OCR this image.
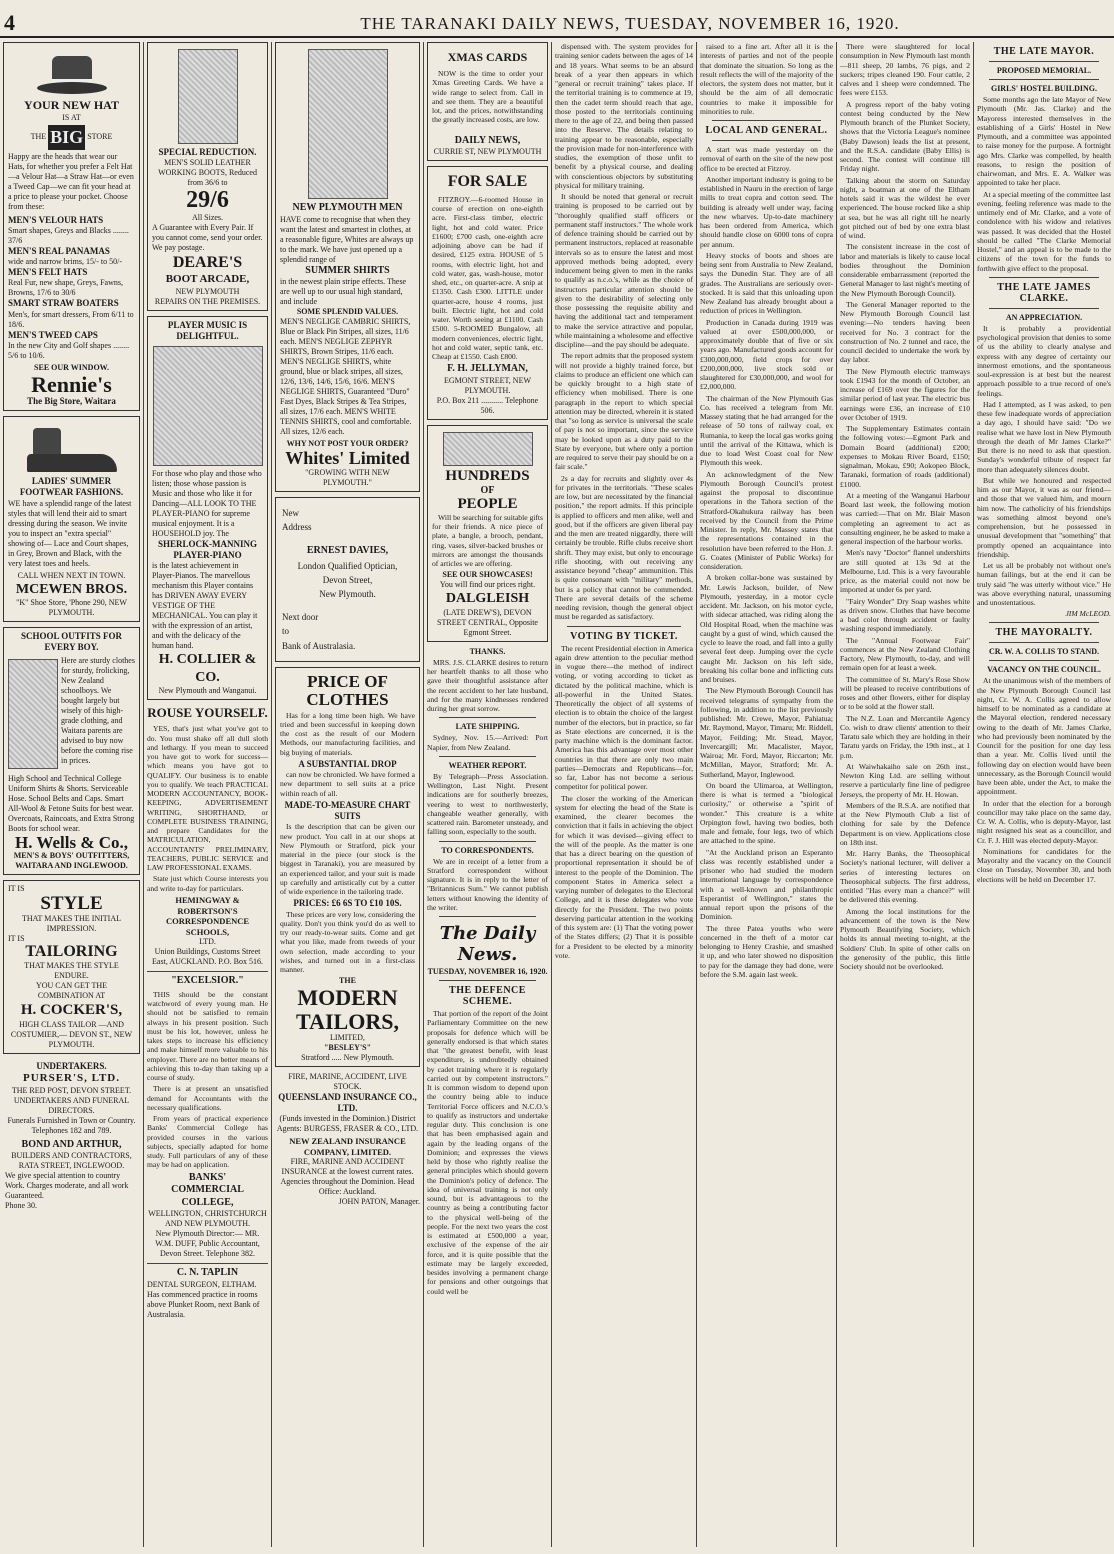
4	THE TARANAKI DAILY NEWS, TUESDAY, NOVEMBER 16, 1920.
YOUR NEW HAT
IS AT
THE BIG STORE
Happy are the heads that wear our Hats, for whether you prefer a Felt Hat—a Velour Hat—a Straw Hat—or even a Tweed Cap—we can fit your head at a price to please your pocket. Choose from these:
MEN'S VELOUR HATS
Smart shapes, Greys and Blacks ........ 37/6
MEN'S REAL PANAMAS
wide and narrow brims, 15/- to 50/-
MEN'S FELT HATS
Real Fur, new shape, Greys, Fawns, Browns, 17/6 to 30/6
SMART STRAW BOATERS
Men's, for smart dressers, From 6/11 to 18/6.
MEN'S TWEED CAPS
In the new City and Golf shapes ........ 5/6 to 10/6.
SEE OUR WINDOW.
Rennie's
The Big Store, Waitara
LADIES' SUMMER FOOTWEAR FASHIONS.
WE have a splendid range of the latest styles that will lend their aid to smart dressing during the season. We invite you to inspect an "extra special" showing of— Lace and Court shapes, in Grey, Brown and Black, with the very latest toes and heels.
CALL WHEN NEXT IN TOWN.
MCEWEN BROS.
"K" Shoe Store, 'Phone 290, NEW PLYMOUTH.
SCHOOL OUTFITS FOR EVERY BOY.
Here are sturdy clothes for sturdy, frolicking, New Zealand schoolboys. We bought largely but wisely of this high-grade clothing, and Waitara parents are advised to buy now before the coming rise in prices.
High School and Technical College Uniform Shirts & Shorts. Serviceable Hose. School Belts and Caps. Smart All-Wool & Fetone Suits for best wear. Overcoats, Raincoats, and Extra Strong Boots for school wear.
H. Wells & Co.,
MEN'S & BOYS' OUTFITTERS, WAITARA AND INGLEWOOD.
IT IS
STYLE
THAT MAKES THE INITIAL IMPRESSION.
IT IS
TAILORING
THAT MAKES THE STYLE ENDURE.
YOU CAN GET THE COMBINATION AT
H. COCKER'S,
HIGH CLASS TAILOR —AND COSTUMIER,— DEVON ST., NEW PLYMOUTH.
UNDERTAKERS.
PURSER'S, LTD.
THE RED POST, DEVON STREET.
UNDERTAKERS AND FUNERAL DIRECTORS.
Funerals Furnished in Town or Country. Telephones 182 and 789.
BOND AND ARTHUR,
BUILDERS AND CONTRACTORS, RATA STREET, INGLEWOOD.
We give special attention to country Work. Charges moderate, and all work Guaranteed.
Phone 30.
SPECIAL REDUCTION.
MEN'S SOLID LEATHER WORKING BOOTS, Reduced from 36/6 to
29/6
All Sizes.
A Guarantee with Every Pair. If you cannot come, send your order. We pay postage.
DEARE'S
BOOT ARCADE,
NEW PLYMOUTH
REPAIRS ON THE PREMISES.
PLAYER MUSIC IS DELIGHTFUL.
For those who play and those who listen; those whose passion is Music and those who like it for Dancing—ALL LOOK TO THE PLAYER-PIANO for supreme musical enjoyment. It is a HOUSEHOLD joy. The
SHERLOCK-MANNING PLAYER-PIANO
is the latest achievement in Player-Pianos. The marvellous mechanism this Player contains has DRIVEN AWAY EVERY VESTIGE OF THE MECHANICAL. You can play it with the expression of an artist, and with the delicacy of the human hand.
H. COLLIER & CO.
New Plymouth and Wanganui.
ROUSE YOURSELF.

YES, that's just what you've got to do. You must shake off all dull sloth and lethargy. If you mean to succeed you have got to work for success—which means you have got to QUALIFY. Our business is to enable you to qualify. We teach PRACTICAL MODERN ACCOUNTANCY, BOOK-KEEPING, ADVERTISEMENT WRITING, SHORTHAND, or COMPLETE BUSINESS TRAINING, and prepare Candidates for the MATRICULATION, ACCOUNTANTS' PRELIMINARY, TEACHERS, PUBLIC SERVICE and LAW PROFESSIONAL EXAMS.

State just which Course interests you and write to-day for particulars.

HEMINGWAY & ROBERTSON'S CORRESPONDENCE SCHOOLS,
LTD.
Union Buildings, Customs Street East, AUCKLAND. P.O. Box 516.
"EXCELSIOR."

THIS should be the constant watchword of every young man. He should not be satisfied to remain always in his present position. Such must be his lot, however, unless he takes steps to increase his efficiency and make himself more valuable to his employer. There are no better means of achieving this to-day than taking up a course of study.

There is at present an unsatisfied demand for Accountants with the necessary qualifications.

From years of practical experience Banks' Commercial College has provided courses in the various subjects, specially adapted for home study. Full particulars of any of these may be had on application.

BANKS'
COMMERCIAL COLLEGE,
WELLINGTON, CHRISTCHURCH AND NEW PLYMOUTH.
New Plymouth Director:— MR. W.M. DUFF, Public Accountant, Devon Street. Telephone 382.
C. N. TAPLIN
DENTAL SURGEON, ELTHAM. Has commenced practice in rooms above Plunket Room, next Bank of Australasia.
NEW PLYMOUTH MEN
HAVE come to recognise that when they want the latest and smartest in clothes, at a reasonable figure, Whites are always up to the mark. We have just opened up a splendid range of
SUMMER SHIRTS
in the newest plain stripe effects. These are well up to our usual high standard, and include
SOME SPLENDID VALUES.
MEN'S NEGLIGE CAMBRIC SHIRTS, Blue or Black Pin Stripes, all sizes, 11/6 each. MEN'S NEGLIGE ZEPHYR SHIRTS, Brown Stripes, 11/6 each. MEN'S NEGLIGE SHIRTS, white ground, blue or black stripes, all sizes, 12/6, 13/6, 14/6, 15/6, 16/6. MEN'S NEGLIGE SHIRTS, Guaranteed "Duro" Fast Dyes, Black Stripes & Tea Stripes, all sizes, 17/6 each. MEN'S WHITE TENNIS SHIRTS, cool and comfortable. All sizes, 12/6 each.
WHY NOT POST YOUR ORDER?
Whites' Limited
"GROWING WITH NEW PLYMOUTH."
New
Address
ERNEST DAVIES,
London Qualified Optician,
Devon Street,
New Plymouth.
Next door
to
Bank of Australasia.
PRICE OF CLOTHES

Has for a long time been high. We have tried and been successful in keeping down the cost as the result of our Modern Methods, our manufacturing facilities, and big buying of materials.

A SUBSTANTIAL DROP

can now be chronicled. We have formed a new department to sell suits at a price within reach of all.

MADE-TO-MEASURE CHART SUITS

Is the description that can be given our new product. You call in at our shops at New Plymouth or Stratford, pick your material in the piece (our stock is the biggest in Taranaki), you are measured by an experienced tailor, and your suit is made up carefully and artistically cut by a cutter of wide experience in the tailoring trade.

PRICES: £6 6S TO £10 10S.

These prices are very low, considering the quality. Don't you think you'd do as well to try our ready-to-wear suits. Come and get what you like, made from tweeds of your own selection, made according to your wishes, and turned out in a first-class manner.

THE
MODERN TAILORS,
LIMITED,
"BESLEY'S"
Stratford ..... New Plymouth.
FIRE, MARINE, ACCIDENT, LIVE STOCK.
QUEENSLAND INSURANCE CO., LTD.
(Funds invested in the Dominion.) District Agents: BURGESS, FRASER & CO., LTD.
NEW ZEALAND INSURANCE COMPANY, LIMITED.
FIRE, MARINE AND ACCIDENT INSURANCE at the lowest current rates. Agencies throughout the Dominion. Head Office: Auckland.
JOHN PATON, Manager.
XMAS CARDS

NOW is the time to order your Xmas Greeting Cards. We have a wide range to select from. Call in and see them. They are a beautiful lot, and the prices, notwithstanding the greatly increased costs, are low.

DAILY NEWS,
CURRIE ST, NEW PLYMOUTH
FOR SALE

FITZROY.—6-roomed House in course of erection on one-eighth acre. First-class timber, electric light, hot and cold water. Price £1600; £700 cash, one-eighth acre adjoining above can be had if desired, £125 extra. HOUSE of 5 rooms, with electric light, hot and cold water, gas, wash-house, motor shed, etc., on quarter-acre. A snip at £1350. Cash £300. LITTLE under quarter-acre, house 4 rooms, just built. Electric light, hot and cold water. Worth seeing at £1100. Cash £500. 5-ROOMED Bungalow, all modern conveniences, electric light, hot and cold water, septic tank, etc. Cheap at £1550. Cash £800.

F. H. JELLYMAN,
EGMONT STREET, NEW PLYMOUTH.
P.O. Box 211 ........... Telephone 506.
HUNDREDS
OF
PEOPLE

Will be searching for suitable gifts for their friends. A nice piece of plate, a bangle, a brooch, pendant, ring, vases, silver-backed brushes or mirrors are amongst the thousands of articles we are offering.

SEE OUR SHOWCASES!
You will find our prices right.
DALGLEISH
(LATE DREW'S), DEVON STREET CENTRAL, Opposite Egmont Street.
THANKS.

MRS. J.S. CLARKE desires to return her heartfelt thanks to all those who gave their thoughtful assistance after the recent accident to her late husband, and for the many kindnesses rendered during her great sorrow.

LATE SHIPPING.

Sydney, Nov. 15.—Arrived: Port Napier, from New Zealand.

WEATHER REPORT.

By Telegraph—Press Association. Wellington, Last Night. Present indications are for southerly breezes, veering to west to northwesterly, changeable weather generally, with scattered rain. Barometer unsteady, and falling soon, especially to the south.

TO CORRESPONDENTS.

We are in receipt of a letter from a Stratford correspondent without signature. It is in reply to the letter of "Britannicus Sum." We cannot publish letters without knowing the identity of the writer.

The Daily News.
TUESDAY, NOVEMBER 16, 1920.
THE DEFENCE SCHEME.

That portion of the report of the Joint Parliamentary Committee on the new proposals for defence which will be generally endorsed is that which states that "the greatest benefit, with least expenditure, is undoubtedly obtained by cadet training where it is regularly carried out by competent instructors." It is common wisdom to depend upon the country being able to induce Territorial Force officers and N.C.O.'s to qualify as instructors and undertake regular duty. This conclusion is one that has been emphasised again and again by the leading organs of the Dominion; and expresses the views held by those who rightly realise the general principles which should govern the Dominion's policy of defence. The idea of universal training is not only sound, but is advantageous to the country as being a contributing factor to the physical well-being of the people. For the next two years the cost is estimated at £500,000 a year, exclusive of the expense of the air force, and it is quite possible that the estimate may be largely exceeded, besides involving a permanent charge for pensions and other outgoings that could well be

dispensed with. The system provides for training senior cadets between the ages of 14 and 18 years. What seems to be an absurd break of a year then appears in which "general or recruit training" takes place. If the territorial training is to commence at 19, then the cadet term should reach that age, those posted to the territorials continuing there to the age of 22, and being then passed into the Reserve. The details relating to training appear to be reasonable, especially the provision made for non-interference with studies, the exemption of those unfit to benefit by a physical course, and dealing with conscientious objectors by substituting physical for military training.

It should be noted that general or recruit training is proposed to be carried out by "thoroughly qualified staff officers or permanent staff instructors." The whole work of defence training should be carried out by permanent instructors, replaced at reasonable intervals so as to ensure the latest and most approved methods being adopted, every inducement being given to men in the ranks to qualify as n.c.o.'s, while as the choice of instructors particular attention should be given to the desirability of selecting only those possessing the requisite ability and having the additional tact and temperament to make the service attractive and popular, while maintaining a wholesome and effective discipline—and the pay should be adequate.

The report admits that the proposed system will not provide a highly trained force, but claims to produce an efficient one which can be quickly brought to a high state of efficiency when mobilised. There is one paragraph in the report to which special attention may be directed, wherein it is stated that "so long as service is universal the scale of pay is not so important, since the service may be looked upon as a duty paid to the State by everyone, but where only a portion are required to serve their pay should be on a fair scale."

2s a day for recruits and slightly over 4s for privates in the territorials. "These scales are low, but are necessitated by the financial position," the report admits. If this principle is applied to officers and men alike, well and good, but if the officers are given liberal pay and the men are treated niggardly, there will certainly be trouble. Rifle clubs receive short shrift. They may exist, but only to encourage rifle shooting, with out receiving any assistance beyond "cheap" ammunition. This is quite consonant with "military" methods, but is a policy that cannot be commended. There are several details of the scheme needing revision, though the general object must be regarded as satisfactory.

VOTING BY TICKET.

The recent Presidential election in America again drew attention to the peculiar method in vogue there—the method of indirect voting, or voting according to ticket as dictated by the political machine, which is all-powerful in the United States. Theoretically the object of all systems of election is to obtain the choice of the largest number of the electors, but in practice, so far as State elections are concerned, it is the party machine which is the dominant factor. America has this advantage over most other countries in that there are only two main parties—Democrats and Republicans—for, so far, Labor has not become a serious competitor for political power.

The closer the working of the American system for electing the head of the State is examined, the clearer becomes the conviction that it fails in achieving the object for which it was devised—giving effect to the will of the people. As the matter is one that has a direct bearing on the question of proportional representation it should be of interest to the people of the Dominion. The component States in America select a varying number of delegates to the Electoral College, and it is these delegates who vote directly for the President. The two points deserving particular attention in the working of this system are: (1) That the voting power of the States differs; (2) That it is possible for a President to be elected by a minority vote.

raised to a fine art. After all it is the interests of parties and not of the people that dominate the situation. So long as the result reflects the will of the majority of the electors, the system does not matter, but it should be the aim of all democratic countries to make it impossible for minorities to rule.

LOCAL AND GENERAL.

A start was made yesterday on the removal of earth on the site of the new post office to be erected at Fitzroy.

Another important industry is going to be established in Nauru in the erection of large mills to treat copra and cotton seed. The building is already well under way, facing the new wharves. Up-to-date machinery has been ordered from America, which should handle close on 6000 tons of copra per annum.

Heavy stocks of boots and shoes are being sent from Australia to New Zealand, says the Dunedin Star. They are of all grades. The Australians are seriously over-stocked. It is said that this unloading upon New Zealand has already brought about a reduction of prices in Wellington.

Production in Canada during 1919 was valued at over £500,000,000, or approximately double that of five or six years ago. Manufactured goods account for £300,000,000, field crops for over £200,000,000, live stock sold or slaughtered for £30,000,000, and wool for £2,000,000.

The chairman of the New Plymouth Gas Co. has received a telegram from Mr. Massey stating that he had arranged for the release of 50 tons of railway coal, ex Rumania, to keep the local gas works going until the arrival of the Kittawa, which is due to load West Coast coal for New Plymouth this week.

An acknowledgment of the New Plymouth Borough Council's protest against the proposal to discontinue operations in the Tahora section of the Stratford-Okahukura railway has been received by the Council from the Prime Minister. In reply, Mr. Massey states that the representations contained in the resolution have been referred to the Hon. J. G. Coates (Minister of Public Works) for consideration.

A broken collar-bone was sustained by Mr. Lewis Jackson, builder, of New Plymouth, yesterday, in a motor cycle accident. Mr. Jackson, on his motor cycle, with sidecar attached, was riding along the Old Hospital Road, when the machine was caught by a gust of wind, which caused the cycle to leave the road, and fall into a gully several feet deep. Jumping over the cycle caught Mr. Jackson on his left side, breaking his collar bone and inflicting cuts and bruises.

The New Plymouth Borough Council has received telegrams of sympathy from the following, in addition to the list previously published: Mr. Crewe, Mayor, Pahiatua; Mr. Raymond, Mayor, Timaru; Mr. Riddell, Mayor, Feilding; Mr. Stead, Mayor, Invercargill; Mr. Macalister, Mayor, Wairoa; Mr. Ford, Mayor, Riccarton; Mr. McMillan, Mayor, Stratford; Mr. A. Sutherland, Mayor, Inglewood.

On board the Ulimaroa, at Wellington, there is what is termed a "biological curiosity," or otherwise a "spirit of wonder." This creature is a white Orpington fowl, having two bodies, both male and female, four legs, two of which are attached to the spine.

"At the Auckland prison an Esperanto class was recently established under a prisoner who had studied the modern international language by correspondence with a well-known and philanthropic Esperantist of Wellington," states the annual report upon the prisons of the Dominion.

The three Patea youths who were concerned in the theft of a motor car belonging to Henry Crashie, and smashed it up, and who later showed no disposition to pay for the damage they had done, were before the S.M. again last week.

There were slaughtered for local consumption in New Plymouth last month—811 sheep, 20 lambs, 76 pigs, and 2 suckers; tripes cleaned 190. Four cattle, 2 calves and 1 sheep were condemned. The fees were £153.

A progress report of the baby voting contest being conducted by the New Plymouth branch of the Plunket Society, shows that the Victoria League's nominee (Baby Dawson) leads the list at present, and the R.S.A. candidate (Baby Ellis) is second. The contest will continue till Friday night.

Talking about the storm on Saturday night, a boatman at one of the Eltham hotels said it was the wildest he ever experienced. The house rocked like a ship at sea, but he was all right till he nearly got pitched out of bed by one extra blast of wind.

The consistent increase in the cost of labor and materials is likely to cause local bodies throughout the Dominion considerable embarrassment (reported the General Manager to last night's meeting of the New Plymouth Borough Council).

The General Manager reported to the New Plymouth Borough Council last evening:—No tenders having been received for No. 3 contract for the construction of No. 2 tunnel and race, the council decided to undertake the work by day labor.

The New Plymouth electric tramways took £1943 for the month of October, an increase of £169 over the figures for the similar period of last year. The electric bus earnings were £36, an increase of £10 over October of 1919.

The Supplementary Estimates contain the following votes:—Egmont Park and Domain Board (additional) £200; expenses to Mokau River Board, £150; signalman, Mokau, £90; Aokopeo Block, Taranaki, formation of roads (additional) £1000.

At a meeting of the Wanganui Harbour Board last week, the following motion was carried:—That on Mr. Blair Mason completing an agreement to act as consulting engineer, he be asked to make a general inspection of the harbour works.

Men's navy "Doctor" flannel undershirts are still quoted at 13s 9d at the Melbourne, Ltd. This is a very favourable price, as the material could not now be imported at under 6s per yard.

"Fairy Wonder" Dry Soap washes white as driven snow. Clothes that have become a bad color through accident or faulty washing respond immediately.

The "Annual Footwear Fair" commences at the New Zealand Clothing Factory, New Plymouth, to-day, and will remain open for at least a week.

The committee of St. Mary's Rose Show will be pleased to receive contributions of roses and other flowers, either for display or to be sold at the flower stall.

The N.Z. Loan and Mercantile Agency Co. wish to draw clients' attention to their Taratu sale which they are holding in their Taratu yards on Friday, the 19th inst., at 1 p.m.

At Waiwhakaiho sale on 26th inst., Newton King Ltd. are selling without reserve a particularly fine line of pedigree Jerseys, the property of Mr. H. Howan.

Members of the R.S.A. are notified that at the New Plymouth Club a list of clothing for sale by the Defence Department is on view. Applications close on 18th inst.

Mr. Harry Banks, the Theosophical Society's national lecturer, will deliver a series of interesting lectures on Theosophical subjects. The first address, entitled "Has every man a chance?" will be delivered this evening.

Among the local institutions for the advancement of the town is the New Plymouth Beautifying Society, which holds its annual meeting to-night, at the Soldiers' Club. In spite of other calls on the generosity of the public, this little Society should not be overlooked.

THE LATE MAYOR.
PROPOSED MEMORIAL.
GIRLS' HOSTEL BUILDING.

Some months ago the late Mayor of New Plymouth (Mr. Jas. Clarke) and the Mayoress interested themselves in the establishing of a Girls' Hostel in New Plymouth, and a committee was appointed to raise money for the purpose. A fortnight ago Mrs. Clarke was compelled, by health reasons, to resign the position of chairwoman, and Mrs. E. A. Walker was appointed to take her place.

At a special meeting of the committee last evening, feeling reference was made to the untimely end of Mr. Clarke, and a vote of condolence with his widow and relatives was passed. It was decided that the Hostel should be called "The Clarke Memorial Hostel," and an appeal is to be made to the citizens of the town for the funds to forthwith give effect to the proposal.

THE LATE JAMES CLARKE.
AN APPRECIATION.

It is probably a providential psychological provision that denies to some of us the ability to clearly analyse and express with any degree of certainty our innermost emotions, and the spontaneous soul-expression is at best but the nearest approach possible to a true record of one's feelings.

Had I attempted, as I was asked, to pen these few inadequate words of appreciation a day ago, I should have said: "Do we realise what we have lost in New Plymouth through the death of Mr James Clarke?" But there is no need to ask that question. Sunday's wonderful tribute of respect far more than adequately silences doubt.

But while we honoured and respected him as our Mayor, it was as our friend—and those that we valued him, and mourn him now. The catholicity of his friendships was something almost beyond one's comprehension, but he possessed in unusual development that "something" that promptly opened an acquaintance into friendship.

Let us all be probably not without one's human failings, but at the end it can be truly said "he was utterly without vice." He was above everything natural, unassuming and unostentatious.

JIM McLEOD.
THE MAYORALTY.
CR. W. A. COLLIS TO STAND.
VACANCY ON THE COUNCIL.

At the unanimous wish of the members of the New Plymouth Borough Council last night, Cr. W. A. Collis agreed to allow himself to be nominated as a candidate at the Mayoral election, rendered necessary owing to the death of Mr. James Clarke, who had previously been nominated by the Council for the position for one day less than a year. Mr. Collis lived until the following day on election would have been unnecessary, as the Borough Council would have been able, under the Act, to make the appointment.

In order that the election for a borough councillor may take place on the same day, Cr. W. A. Collis, who is deputy-Mayor, last night resigned his seat as a councillor, and Cr. F. J. Hill was elected deputy-Mayor.

Nominations for candidates for the Mayoralty and the vacancy on the Council close on Tuesday, November 30, and both elections will be held on December 17.
